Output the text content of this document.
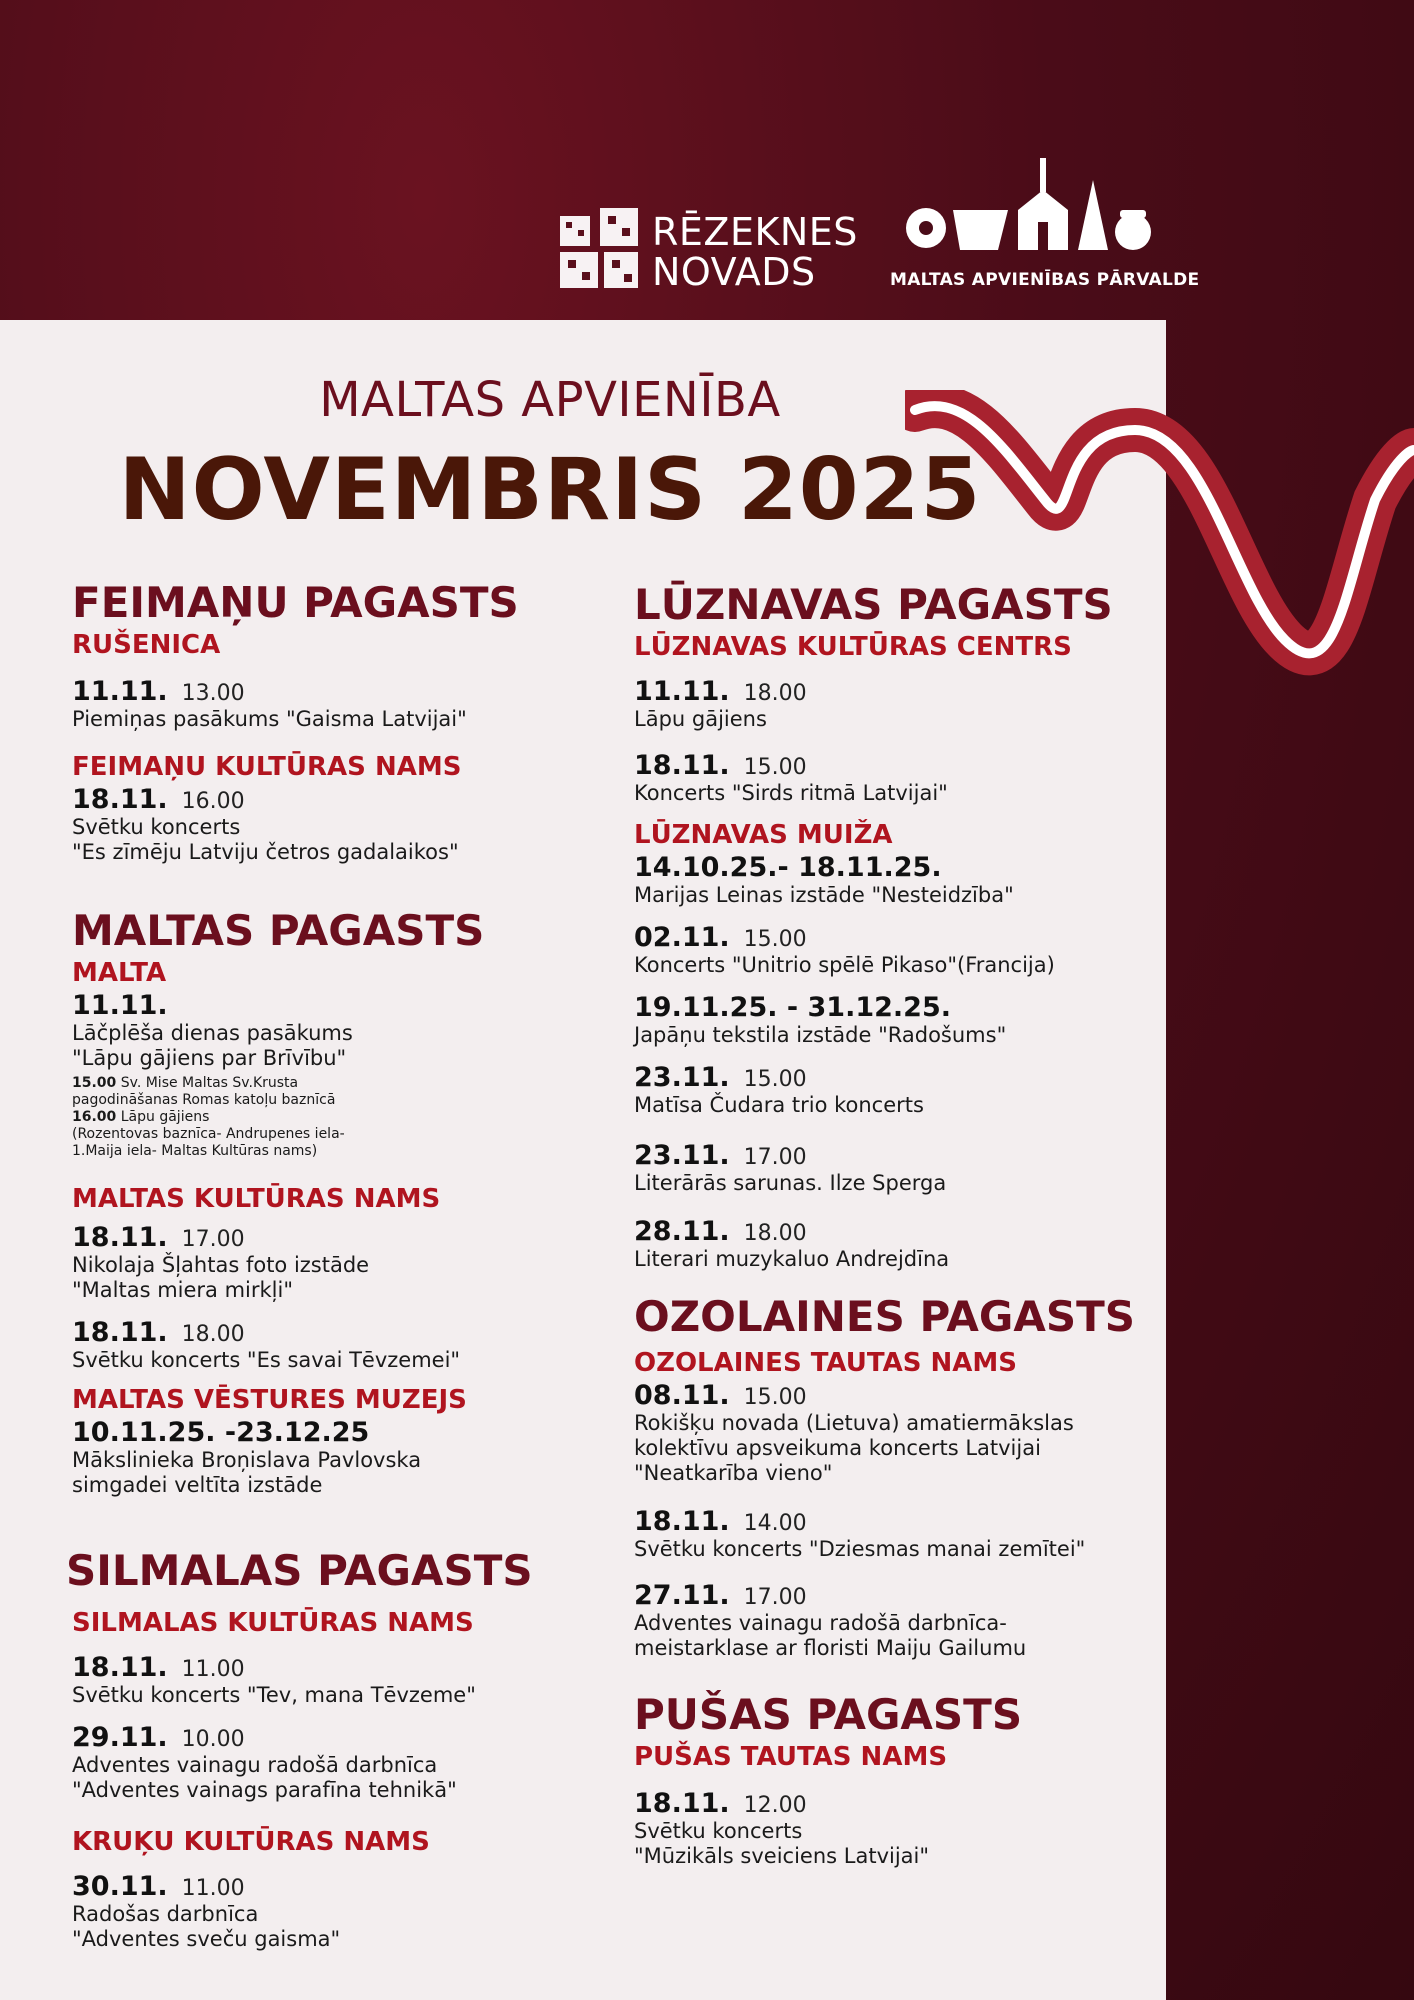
RĒZEKNES
NOVADS	MALTAS APVIENĪBAS PĀRVALDE
MALTAS APVIENĪBA
NOVEMBRIS 2025
FEIMAŅU PAGASTS
RUŠENICA
11.11. 13.00
Piemiņas pasākums "Gaisma Latvijai"
FEIMAŅU KULTŪRAS NAMS
18.11. 16.00
Svētku koncerts
"Es zīmēju Latviju četros gadalaikos"
MALTAS PAGASTS
MALTA
11.11.
Lāčplēša dienas pasākums
"Lāpu gājiens par Brīvību"
15.00 Sv. Mise Maltas Sv.Krusta
pagodināšanas Romas katoļu baznīcā
16.00 Lāpu gājiens
(Rozentovas baznīca- Andrupenes iela-
1.Maija iela- Maltas Kultūras nams)
MALTAS KULTŪRAS NAMS
18.11. 17.00
Nikolaja Šļahtas foto izstāde
"Maltas miera mirkļi"
18.11. 18.00
Svētku koncerts "Es savai Tēvzemei"
MALTAS VĒSTURES MUZEJS
10.11.25. -23.12.25
Mākslinieka Broņislava Pavlovska
simgadei veltīta izstāde
SILMALAS PAGASTS
SILMALAS KULTŪRAS NAMS
18.11. 11.00
Svētku koncerts "Tev, mana Tēvzeme"
29.11. 10.00
Adventes vainagu radošā darbnīca
"Adventes vainags parafīna tehnikā"
KRUĶU KULTŪRAS NAMS
30.11. 11.00
Radošas darbnīca
"Adventes sveču gaisma"
LŪZNAVAS PAGASTS
LŪZNAVAS KULTŪRAS CENTRS
11.11. 18.00
Lāpu gājiens
18.11. 15.00
Koncerts "Sirds ritmā Latvijai"
LŪZNAVAS MUIŽA
14.10.25.- 18.11.25.
Marijas Leinas izstāde "Nesteidzība"
02.11. 15.00
Koncerts "Unitrio spēlē Pikaso"(Francija)
19.11.25. - 31.12.25.
Japāņu tekstila izstāde "Radošums"
23.11. 15.00
Matīsa Čudara trio koncerts
23.11. 17.00
Literārās sarunas. Ilze Sperga
28.11. 18.00
Literari muzykaluo Andrejdīna
OZOLAINES PAGASTS
OZOLAINES TAUTAS NAMS
08.11. 15.00
Rokišķu novada (Lietuva) amatiermākslas
kolektīvu apsveikuma koncerts Latvijai
"Neatkarība vieno"
18.11. 14.00
Svētku koncerts "Dziesmas manai zemītei"
27.11. 17.00
Adventes vainagu radošā darbnīca-
meistarklase ar floristi Maiju Gailumu
PUŠAS PAGASTS
PUŠAS TAUTAS NAMS
18.11. 12.00
Svētku koncerts
"Mūzikāls sveiciens Latvijai"
